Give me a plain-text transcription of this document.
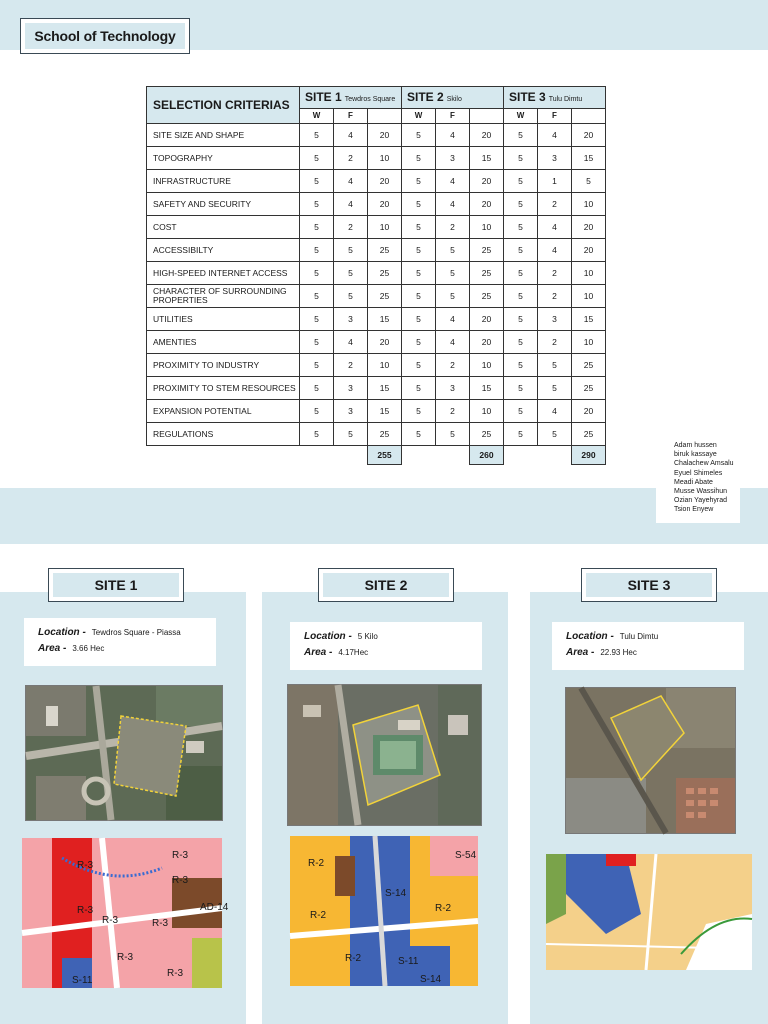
School of Technology
SELECTION CRITERIAS	SITE 1 Tewdros Square			SITE 2 Skilo			SITE 3 Tulu Dimtu		
	W	F		W	F		W	F	
SITE SIZE AND SHAPE	5	4	20	5	4	20	5	4	20
TOPOGRAPHY	5	2	10	5	3	15	5	3	15
INFRASTRUCTURE	5	4	20	5	4	20	5	1	5
SAFETY AND SECURITY	5	4	20	5	4	20	5	2	10
COST	5	2	10	5	2	10	5	4	20
ACCESSIBILTY	5	5	25	5	5	25	5	4	20
HIGH-SPEED INTERNET ACCESS	5	5	25	5	5	25	5	2	10
CHARACTER OF SURROUNDING PROPERTIES	5	5	25	5	5	25	5	2	10
UTILITIES	5	3	15	5	4	20	5	3	15
AMENTIES	5	4	20	5	4	20	5	2	10
PROXIMITY TO INDUSTRY	5	2	10	5	2	10	5	5	25
PROXIMITY TO STEM RESOURCES	5	3	15	5	3	15	5	5	25
EXPANSION POTENTIAL	5	3	15	5	2	10	5	4	20
REGULATIONS	5	5	25	5	5	25	5	5	25
			255			260			290
Adam hussen
biruk kassaye
Chalachew Amsalu
Eyuel Shimeles
Meadi Abate
Musse Wassihun
Ozian Yayehyrad
Tsion Enyew
SITE 1	SITE 2	SITE 3
Location - Tewdros Square - Piassa
Area - 3.66 Hec
Location - 5 Kilo
Area - 4.17Hec
Location - Tulu Dimtu
Area - 22.93 Hec
R-3
R-3
R-3
R-3
R-3	R-3
AD-14
S-11
R-3
R-3
R-2
S-54
S-14
R-2
R-2
R-2	S-11
S-14
